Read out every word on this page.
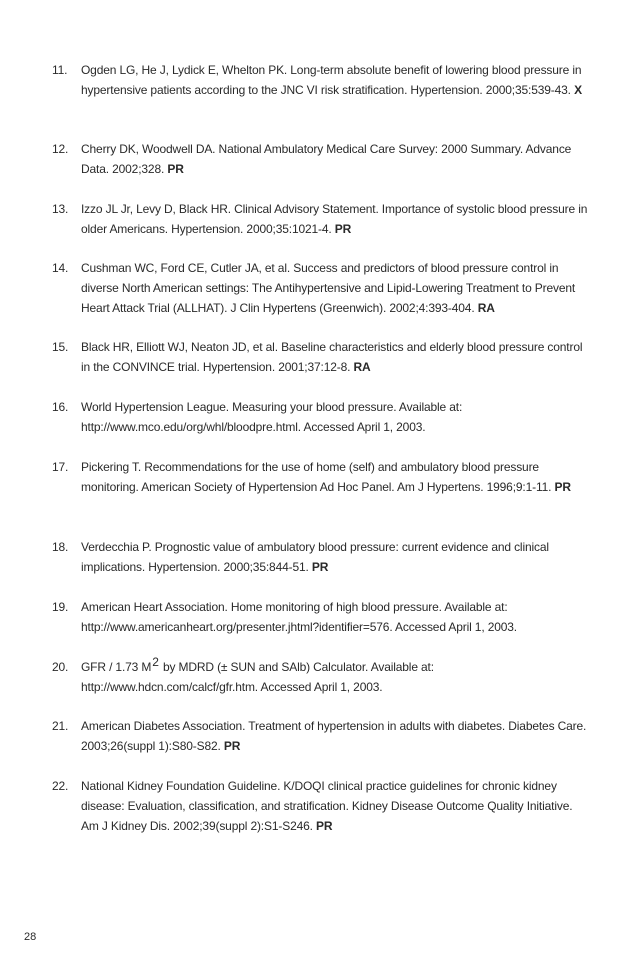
11.	Ogden LG, He J, Lydick E, Whelton PK. Long-term absolute benefit of lowering blood pressure in hypertensive patients according to the JNC VI risk stratification. Hypertension. 2000;35:539-43. X
12.	Cherry DK, Woodwell DA. National Ambulatory Medical Care Survey: 2000 Summary. Advance Data. 2002;328. PR
13.	Izzo JL Jr, Levy D, Black HR. Clinical Advisory Statement. Importance of systolic blood pressure in older Americans. Hypertension. 2000;35:1021-4. PR
14.	Cushman WC, Ford CE, Cutler JA, et al. Success and predictors of blood pressure control in diverse North American settings: The Antihypertensive and Lipid-Lowering Treatment to Prevent Heart Attack Trial (ALLHAT). J Clin Hypertens (Greenwich). 2002;4:393-404. RA
15.	Black HR, Elliott WJ, Neaton JD, et al. Baseline characteristics and elderly blood pressure control in the CONVINCE trial. Hypertension. 2001;37:12-8. RA
16.	World Hypertension League. Measuring your blood pressure. Available at: http://www.mco.edu/org/whl/bloodpre.html. Accessed April 1, 2003.
17.	Pickering T. Recommendations for the use of home (self) and ambulatory blood pressure monitoring. American Society of Hypertension Ad Hoc Panel. Am J Hypertens. 1996;9:1-11. PR
18.	Verdecchia P. Prognostic value of ambulatory blood pressure: current evidence and clinical implications. Hypertension. 2000;35:844-51. PR
19.	American Heart Association. Home monitoring of high blood pressure. Available at: http://www.americanheart.org/presenter.jhtml?identifier=576. Accessed April 1, 2003.
20.	GFR / 1.73 M2 by MDRD (± SUN and SAlb) Calculator. Available at: http://www.hdcn.com/calcf/gfr.htm. Accessed April 1, 2003.
21.	American Diabetes Association. Treatment of hypertension in adults with diabetes. Diabetes Care. 2003;26(suppl 1):S80-S82. PR
22.	National Kidney Foundation Guideline. K/DOQI clinical practice guidelines for chronic kidney disease: Evaluation, classification, and stratification. Kidney Disease Outcome Quality Initiative. Am J Kidney Dis. 2002;39(suppl 2):S1-S246. PR
28
